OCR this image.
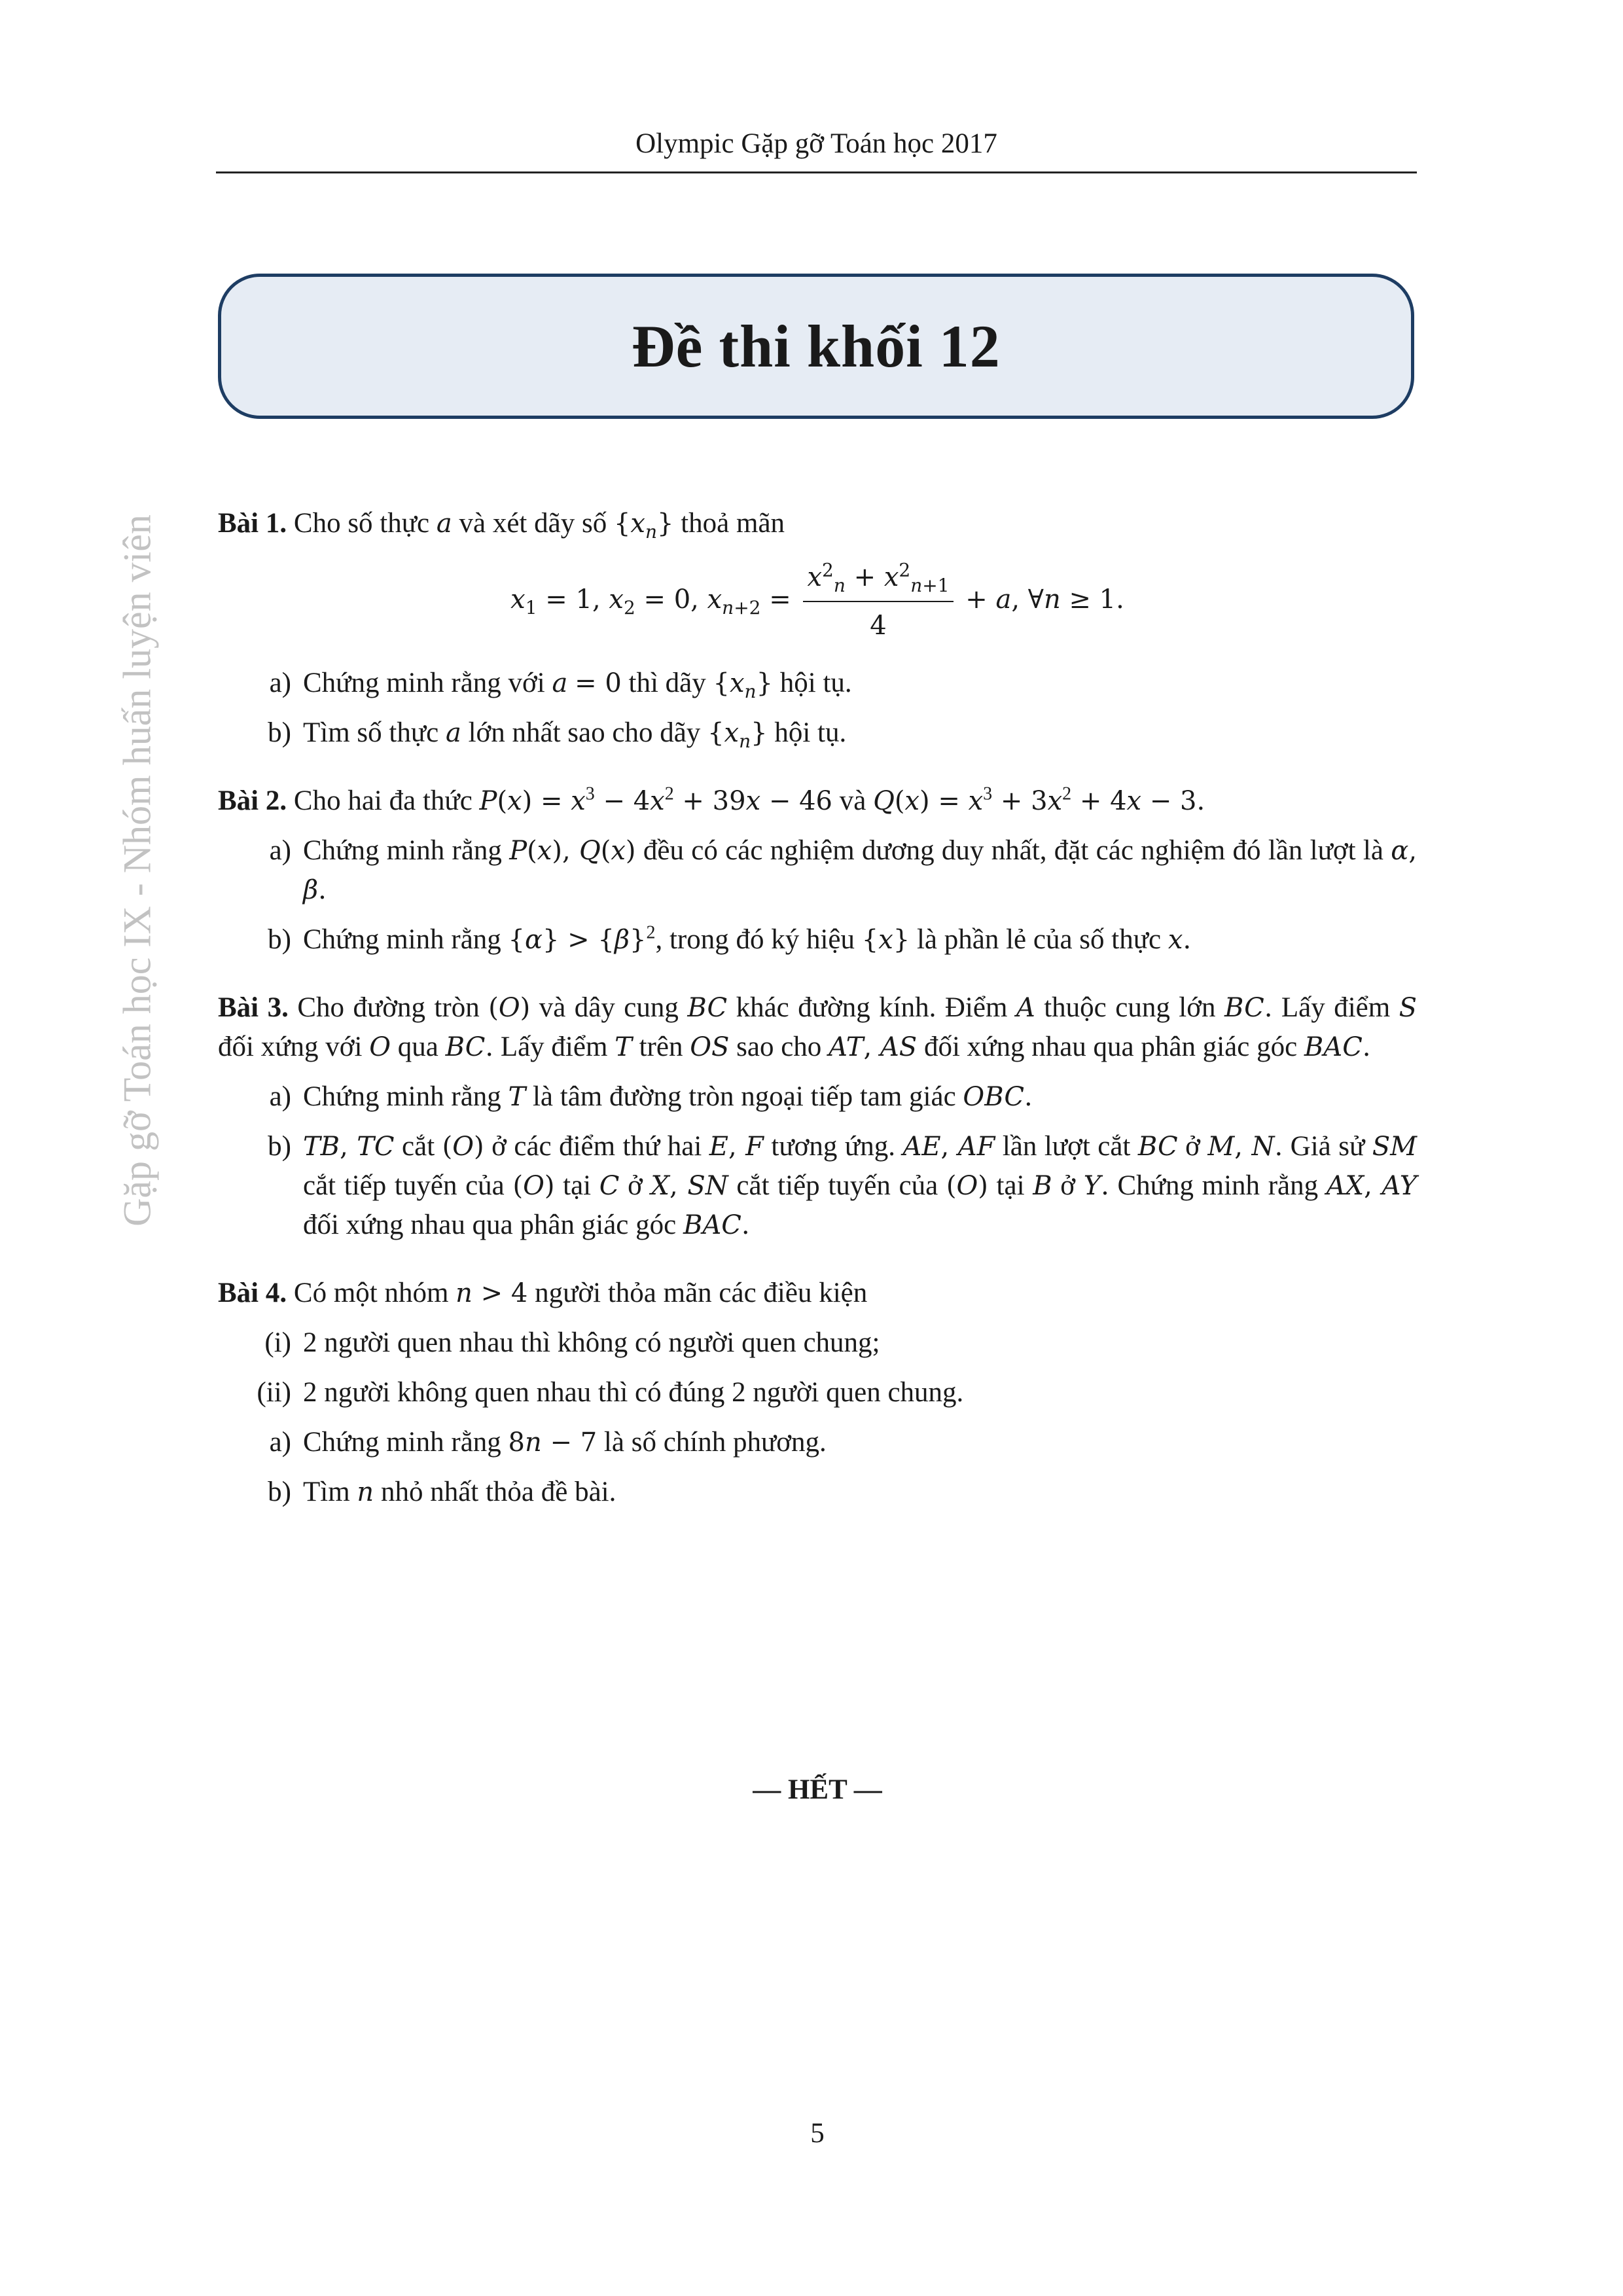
Olympic Gặp gỡ Toán học 2017
Đề thi khối 12
Gặp gỡ Toán học IX - Nhóm huấn luyện viên Bài 1. Cho số thực a và xét dãy số $\{x_n\}$ thoả mãn

$x_1 = 1$, $x_2 = 0$, $x_{n+2} = \frac{x^2_n + x^2_{n+1}}{4} + a$, ∀n ≥ 1.
a) Chứng minh rằng với a = 0 thì dãy $\{x_n\}$ hội tụ.
b) Tìm số thực a lớn nhất sao cho dãy $\{x_n\}$ hội tụ.

Bài 2. Cho hai đa thức $P(x) = x^3 - 4x^2 + 39x - 46$ và $Q(x) = x^3 + 3x^2 + 4x - 3$.

a) Chứng minh rằng P(x), Q(x) đều có các nghiệm dương duy nhất, đặt các nghiệm đó lần lượt là α, β.
b) Chứng minh rằng $\{\alpha\} > \{\beta\}^2$, trong đó ký hiệu {x} là phần lẻ của số thực x.

Bài 3. Cho đường tròn (O) và dây cung BC khác đường kính. Điểm A thuộc cung lớn BC. Lấy điểm S đối xứng với O qua BC. Lấy điểm T trên OS sao cho AT, AS đối xứng nhau qua phân giác góc BAC.

a) Chứng minh rằng T là tâm đường tròn ngoại tiếp tam giác OBC.
b) TB, TC cắt (O) ở các điểm thứ hai E, F tương ứng. AE, AF lần lượt cắt BC ở M, N. Giả sử SM cắt tiếp tuyến của (O) tại C ở X, SN cắt tiếp tuyến của (O) tại B ở Y. Chứng minh rằng AX, AY đối xứng nhau qua phân giác góc BAC.

Bài 4. Có một nhóm n > 4 người thỏa mãn các điều kiện

(i) 2 người quen nhau thì không có người quen chung;
(ii) 2 người không quen nhau thì có đúng 2 người quen chung.
a) Chứng minh rằng 8n − 7 là số chính phương.
b) Tìm n nhỏ nhất thỏa đề bài.
— HẾT —
5
